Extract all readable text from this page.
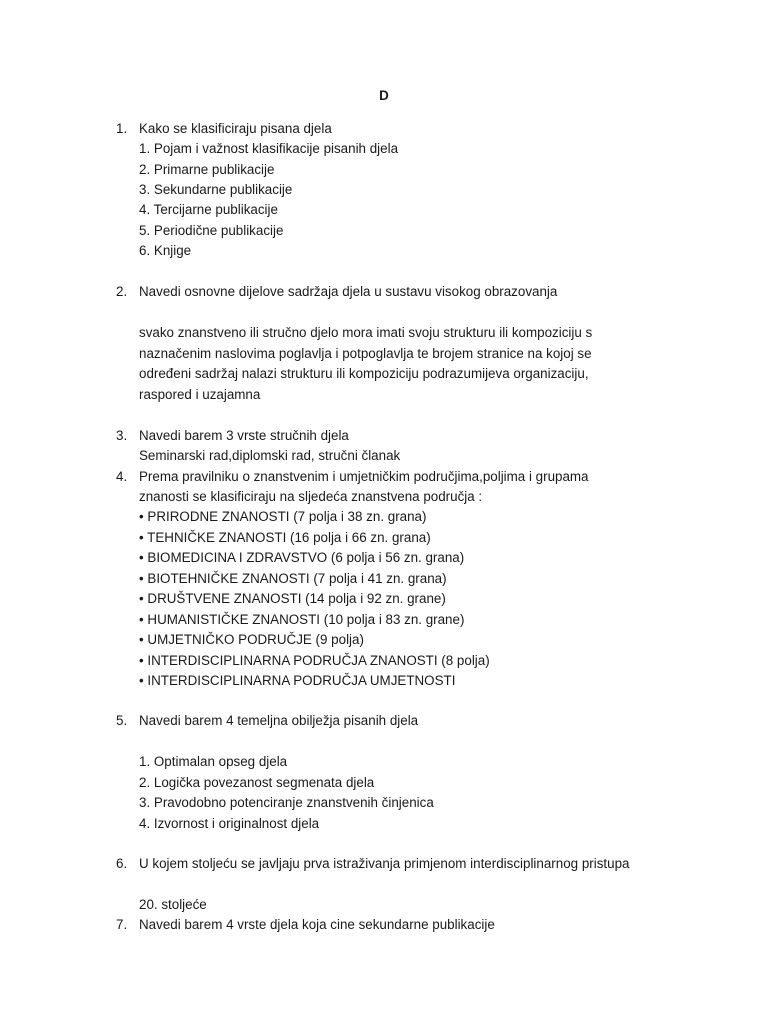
D
1. Kako se klasificiraju pisana djela
1. Pojam i važnost klasifikacije pisanih djela
2. Primarne publikacije
3. Sekundarne publikacije
4. Tercijarne publikacije
5. Periodične publikacije
6. Knjige
2. Navedi osnovne dijelove sadržaja djela u sustavu visokog obrazovanja
svako znanstveno ili stručno djelo mora imati svoju strukturu ili kompoziciju s
naznačenim naslovima poglavlja i potpoglavlja te brojem stranice na kojoj se
određeni sadržaj nalazi strukturu ili kompoziciju podrazumijeva organizaciju,
raspored i uzajamna
3. Navedi barem 3 vrste stručnih djela
Seminarski rad,diplomski rad, stručni članak
4. Prema pravilniku o znanstvenim i umjetničkim područjima,poljima i grupama
znanosti se klasificiraju na sljedeća znanstvena područja :
• PRIRODNE ZNANOSTI (7 polja i 38 zn. grana)
• TEHNIČKE ZNANOSTI (16 polja i 66 zn. grana)
• BIOMEDICINA I ZDRAVSTVO (6 polja i 56 zn. grana)
• BIOTEHNIČKE ZNANOSTI (7 polja i 41 zn. grana)
• DRUŠTVENE ZNANOSTI (14 polja i 92 zn. grane)
• HUMANISTIČKE ZNANOSTI (10 polja i 83 zn. grane)
• UMJETNIČKO PODRUČJE (9 polja)
• INTERDISCIPLINARNA PODRUČJA ZNANOSTI (8 polja)
• INTERDISCIPLINARNA PODRUČJA UMJETNOSTI
5. Navedi barem 4 temeljna obilježja pisanih djela
1. Optimalan opseg djela
2. Logička povezanost segmenata djela
3. Pravodobno potenciranje znanstvenih činjenica
4. Izvornost i originalnost djela
6. U kojem stoljeću se javljaju prva istraživanja primjenom interdisciplinarnog pristupa
20. stoljeće
7. Navedi barem 4 vrste djela koja cine sekundarne publikacije
